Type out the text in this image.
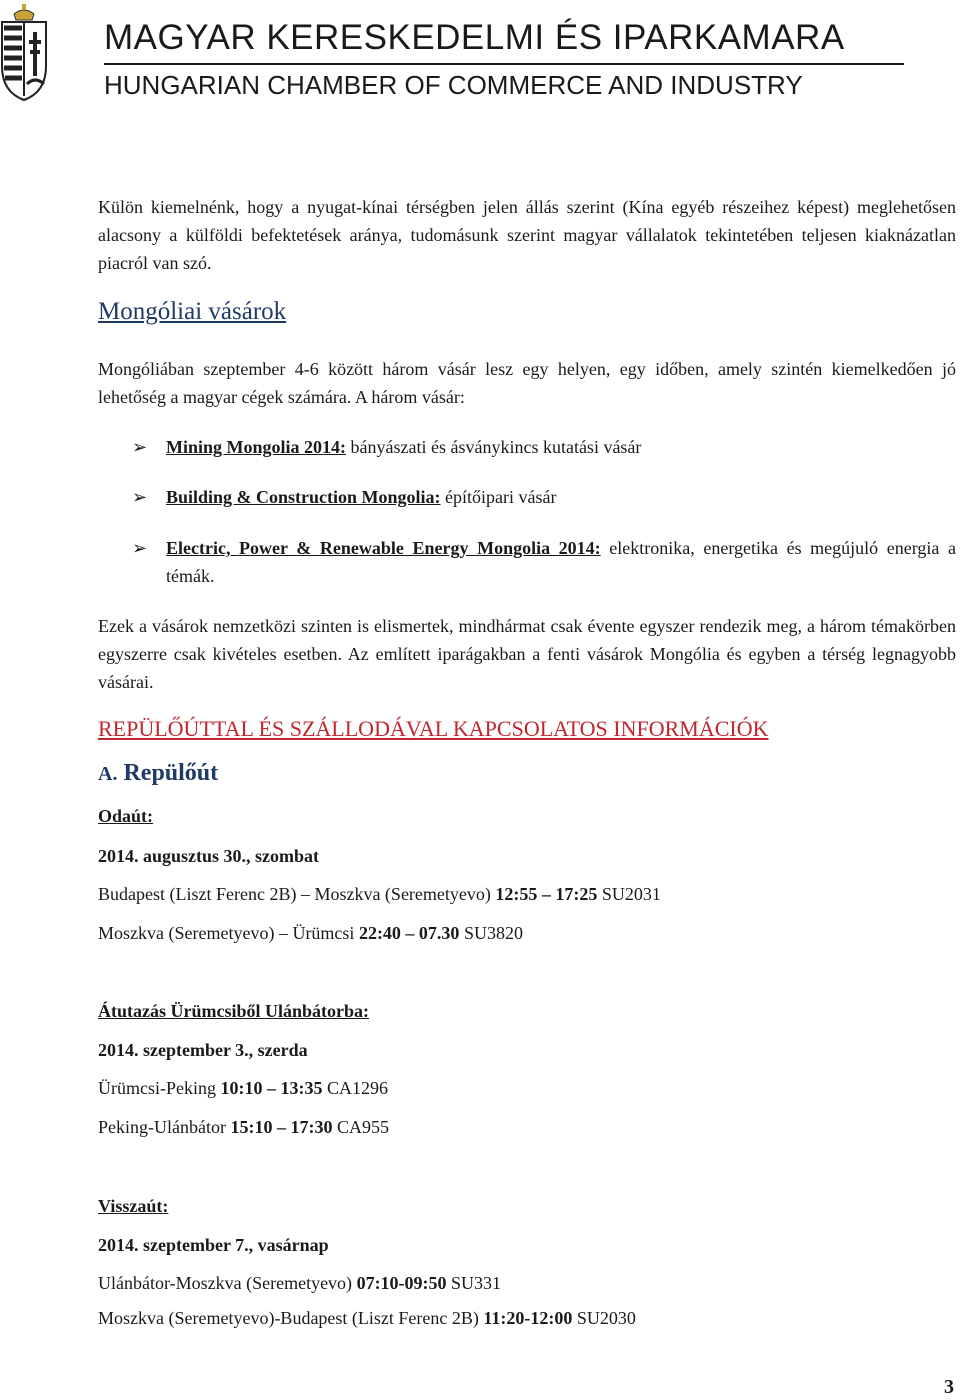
MAGYAR KERESKEDELMI ÉS IPARKAMARA
HUNGARIAN CHAMBER OF COMMERCE AND INDUSTRY
Külön kiemelnénk, hogy a nyugat-kínai térségben jelen állás szerint (Kína egyéb részeihez képest) meglehetősen alacsony a külföldi befektetések aránya, tudomásunk szerint magyar vállalatok tekintetében teljesen kiaknázatlan piacról van szó.
Mongóliai vásárok
Mongóliában szeptember 4-6 között három vásár lesz egy helyen, egy időben, amely szintén kiemelkedően jó lehetőség a magyar cégek számára. A három vásár:
➢ Mining Mongolia 2014: bányászati és ásványkincs kutatási vásár
➢ Building & Construction Mongolia: építőipari vásár
➢ Electric, Power & Renewable Energy Mongolia 2014: elektronika, energetika és megújuló energia a témák.
Ezek a vásárok nemzetközi szinten is elismertek, mindhármat csak évente egyszer rendezik meg, a három témakörben egyszerre csak kivételes esetben. Az említett iparágakban a fenti vásárok Mongólia és egyben a térség legnagyobb vásárai.
REPÜLŐÚTTAL ÉS SZÁLLODÁVAL KAPCSOLATOS INFORMÁCIÓK
A. Repülőút
Odaút:
2014. augusztus 30., szombat
Budapest (Liszt Ferenc 2B) – Moszkva (Seremetyevo) 12:55 – 17:25 SU2031
Moszkva (Seremetyevo) – Ürümcsi 22:40 – 07.30 SU3820
Átutazás Ürümcsiből Ulánbátorba:
2014. szeptember 3., szerda
Ürümcsi-Peking 10:10 – 13:35 CA1296
Peking-Ulánbátor 15:10 – 17:30 CA955
Visszaút:
2014. szeptember 7., vasárnap
Ulánbátor-Moszkva (Seremetyevo) 07:10-09:50 SU331
Moszkva (Seremetyevo)-Budapest (Liszt Ferenc 2B) 11:20-12:00 SU2030
3
